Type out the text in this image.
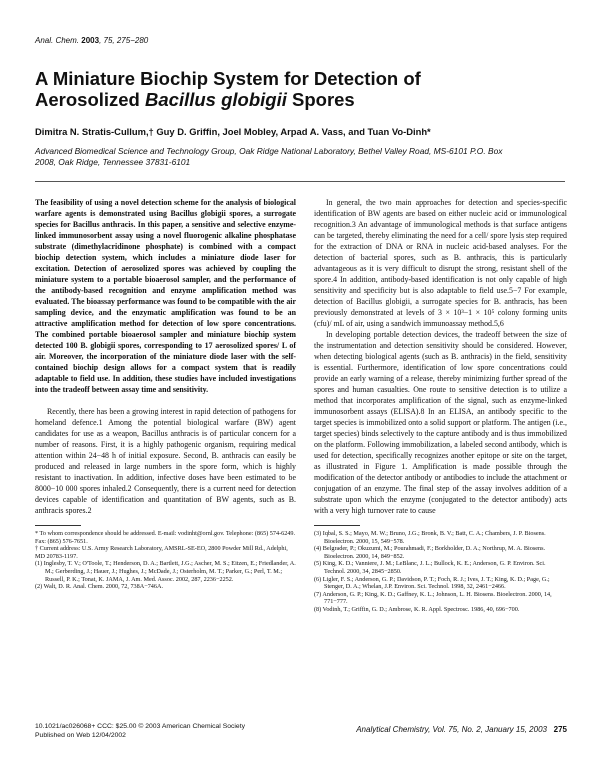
Anal. Chem. 2003, 75, 275−280
A Miniature Biochip System for Detection of
Aerosolized Bacillus globigii Spores
Dimitra N. Stratis-Cullum,† Guy D. Griffin, Joel Mobley, Arpad A. Vass, and Tuan Vo-Dinh*
Advanced Biomedical Science and Technology Group, Oak Ridge National Laboratory, Bethel Valley Road, MS-6101 P.O. Box 2008, Oak Ridge, Tennessee 37831-6101

The feasibility of using a novel detection scheme for the analysis of biological warfare agents is demonstrated using Bacillus globigii spores, a surrogate species for Bacillus anthracis. In this paper, a sensitive and selective enzyme-linked immunosorbent assay using a novel fluorogenic alkaline phosphatase substrate (dimethylacridinone phosphate) is combined with a compact biochip detection system, which includes a miniature diode laser for excitation. Detection of aerosolized spores was achieved by coupling the miniature system to a portable bioaerosol sampler, and the performance of the antibody-based recognition and enzyme amplification method was evaluated. The bioassay performance was found to be compatible with the air sampling device, and the enzymatic amplification was found to be an attractive amplification method for detection of low spore concentrations. The combined portable bioaerosol sampler and miniature biochip system detected 100 B. globigii spores, corresponding to 17 aerosolized spores/ L of air. Moreover, the incorporation of the miniature diode laser with the self-contained biochip design allows for a compact system that is readily adaptable to field use. In addition, these studies have included investigations into the tradeoff between assay time and sensitivity.

Recently, there has been a growing interest in rapid detection of pathogens for homeland defence.1 Among the potential biological warfare (BW) agent candidates for use as a weapon, Bacillus anthracis is of particular concern for a number of reasons. First, it is a highly pathogenic organism, requiring medical attention within 24−48 h of initial exposure. Second, B. anthracis can easily be produced and released in large numbers in the spore form, which is highly resistant to inactivation. In addition, infective doses have been estimated to be 8000−10 000 spores inhaled.2 Consequently, there is a current need for detection devices capable of identification and quantitation of BW agents, such as B. anthracis spores.2

* To whom correspondence should be addressed. E-mail: vodinht@ornl.gov. Telephone: (865) 574-6249. Fax: (865) 576-7651.

† Current address: U.S. Army Research Laboratory, AMSRL-SE-EO, 2800 Powder Mill Rd., Adelphi, MD 20783-1197.

(1) Inglesby, T. V.; O'Toole, T.; Henderson, D. A.; Bartlett, J.G.; Ascher, M. S.; Eitzen, E.; Friedlander, A. M.; Gerberding, J.; Hauer, J.; Hughes, J.; McDade, J.; Osterholm, M. T.; Parker, G.; Perl, T. M.; Russell, P. K.; Tonat, K. JAMA, J. Am. Med. Assoc. 2002, 287, 2236−2252.

(2) Walt, D. R. Anal. Chem. 2000, 72, 738A−746A.

In general, the two main approaches for detection and species-specific identification of BW agents are based on either nucleic acid or immunological recognition.3 An advantage of immunological methods is that surface antigens can be targeted, thereby eliminating the need for a cell/ spore lysis step required for the extraction of DNA or RNA in nucleic acid-based analyses. For the detection of bacterial spores, such as B. anthracis, this is particularly advantageous as it is very difficult to disrupt the strong, resistant shell of the spore.4 In addition, antibody-based identification is not only capable of high sensitivity and specificity but is also adaptable to field use.5−7 For example, detection of Bacillus globigii, a surrogate species for B. anthracis, has been previously demonstrated at levels of 3 × 10³−1 × 10⁵ colony forming units (cfu)/ mL of air, using a sandwich immunoassay method.5,6

In developing portable detection devices, the tradeoff between the size of the instrumentation and detection sensitivity should be considered. However, when detecting biological agents (such as B. anthracis) in the field, sensitivity is essential. Furthermore, identification of low spore concentrations could provide an early warning of a release, thereby minimizing further spread of the spores and human casualties. One route to sensitive detection is to utilize a method that incorporates amplification of the signal, such as enzyme-linked immunosorbent assays (ELISA).8 In an ELISA, an antibody specific to the target species is immobilized onto a solid support or platform. The antigen (i.e., target species) binds selectively to the capture antibody and is thus immobilized on the platform. Following immobilization, a labeled second antibody, which is used for detection, specifically recognizes another epitope or site on the target, as illustrated in Figure 1. Amplification is made possible through the modification of the detector antibody or antibodies to include the attachment or conjugation of an enzyme. The final step of the assay involves addition of a substrate upon which the enzyme (conjugated to the detector antibody) acts with a very high turnover rate to cause

(3) Iqbal, S. S.; Mayo, M. W.; Bruno, J.G.; Bronk, B. V.; Batt, C. A.; Chambers, J. P. Biosens. Bioelectron. 2000, 15, 549−578.

(4) Belgrader, P.; Okuzumi, M.; Pourahmadi, F.; Borkholder, D. A.; Northrup, M. A. Biosens. Bioelectron. 2000, 14, 849−852.

(5) King, K. D.; Vanniere, J. M.; LeBlanc, J. L.; Bullock, K. E.; Anderson, G. P. Environ. Sci. Technol. 2000, 34, 2845−2850.

(6) Ligler, F. S.; Anderson, G. P.; Davidson, P. T.; Foch, R. J.; Ives, J. T.; King, K. D.; Page, G.; Stenger, D. A.; Whelan, J.P. Environ. Sci. Technol. 1998, 32, 2461−2466.

(7) Anderson, G. P.; King, K. D.; Gaffney, K. L.; Johnson, L. H. Biosens. Bioelectron. 2000, 14, 771−777.

(8) Vodinh, T.; Griffin, G. D.; Ambrose, K. R. Appl. Spectrosc. 1986, 40, 696−700.

10.1021/ac026068+ CCC: $25.00 © 2003 American Chemical Society
Published on Web 12/04/2002
Analytical Chemistry, Vol. 75, No. 2, January 15, 2003 275
